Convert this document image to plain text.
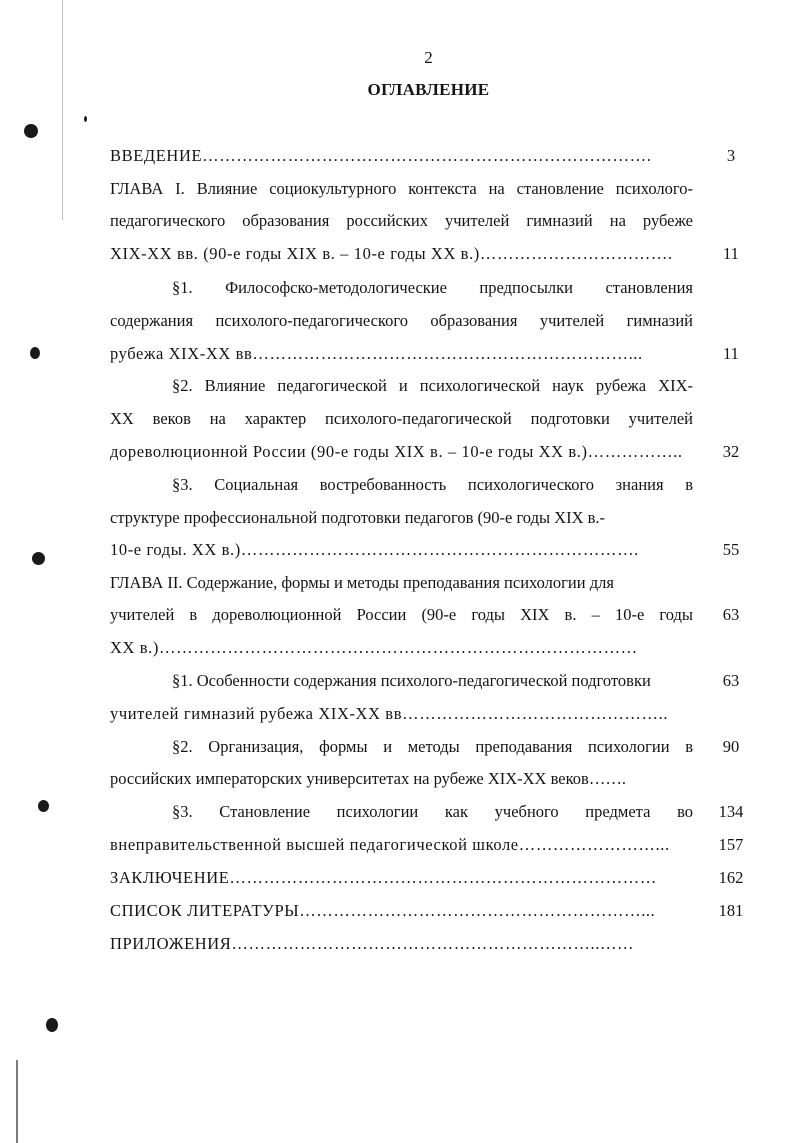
2
ОГЛАВЛЕНИЕ
ВВЕДЕНИЕ…………………………………………………………………….	3
ГЛАВА I. Влияние социокультурного контекста на становление психолого-
педагогического образования российских учителей гимназий на рубеже
XIX-XX вв. (90-е годы XIX в. – 10-е годы XX в.)…………………………….	11
§1. Философско-методологические предпосылки становления
содержания психолого-педагогического образования учителей гимназий
рубежа XIX-XX вв…………………………………………………………...	11
§2. Влияние педагогической и психологической наук рубежа XIX-
XX веков на характер психолого-педагогической подготовки учителей
дореволюционной России (90-е годы XIX в. – 10-е годы XX в.)……………..	32
§3. Социальная востребованность психологического знания в
структуре профессиональной подготовки педагогов (90-е годы XIX в.-
10-е годы. XX в.)…………………………………………………………….	55
ГЛАВА II. Содержание, формы и методы преподавания психологии для
учителей в дореволюционной России (90-е годы XIX в. – 10-е годы	63
XX в.)…………………………………………………………………………
§1. Особенности содержания психолого-педагогической подготовки	63
учителей гимназий рубежа XIX-XX вв………………………………………..
§2. Организация, формы и методы преподавания психологии в	90
российских императорских университетах на рубеже XIX-XX веков…….
§3. Становление психологии как учебного предмета во	134
внеправительственной высшей педагогической школе……………………...	157
ЗАКЛЮЧЕНИЕ…………………………………………………………………	162
СПИСОК ЛИТЕРАТУРЫ……………………………………………………...	181
ПРИЛОЖЕНИЯ………………………………………………………..……
